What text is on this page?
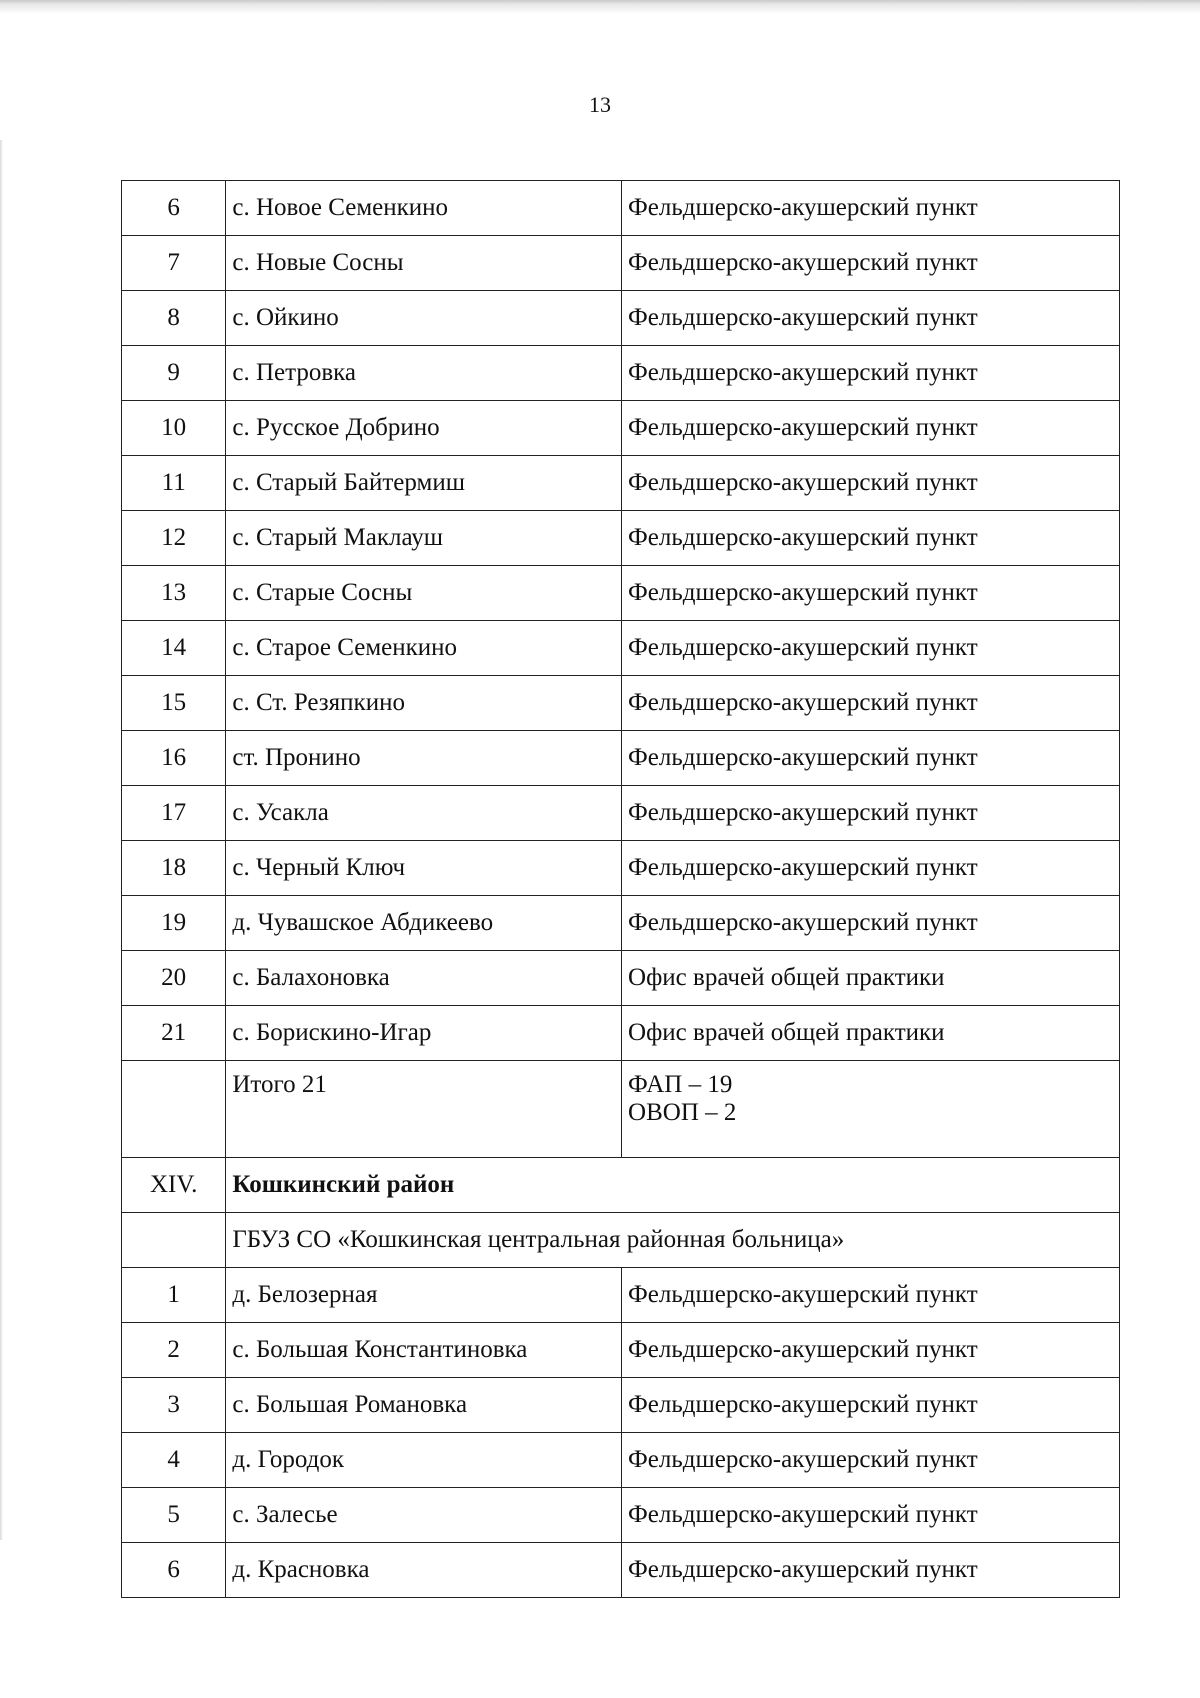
13
6	с. Новое Семенкино	Фельдшерско-акушерский пункт
7	с. Новые Сосны	Фельдшерско-акушерский пункт
8	с. Ойкино	Фельдшерско-акушерский пункт
9	с. Петровка	Фельдшерско-акушерский пункт
10	с. Русское Добрино	Фельдшерско-акушерский пункт
11	с. Старый Байтермиш	Фельдшерско-акушерский пункт
12	с. Старый Маклауш	Фельдшерско-акушерский пункт
13	с. Старые Сосны	Фельдшерско-акушерский пункт
14	с. Старое Семенкино	Фельдшерско-акушерский пункт
15	с. Ст. Резяпкино	Фельдшерско-акушерский пункт
16	ст. Пронино	Фельдшерско-акушерский пункт
17	с. Усакла	Фельдшерско-акушерский пункт
18	с. Черный Ключ	Фельдшерско-акушерский пункт
19	д. Чувашское Абдикеево	Фельдшерско-акушерский пункт
20	с. Балахоновка	Офис врачей общей практики
21	с. Борискино-Игар	Офис врачей общей практики
	Итого 21	ФАП – 19
ОВОП – 2

XIV.	Кошкинский район	
	ГБУЗ СО «Кошкинская центральная районная больница»	
1	д. Белозерная	Фельдшерско-акушерский пункт
2	с. Большая Константиновка	Фельдшерско-акушерский пункт
3	с. Большая Романовка	Фельдшерско-акушерский пункт
4	д. Городок	Фельдшерско-акушерский пункт
5	с. Залесье	Фельдшерско-акушерский пункт
6	д. Красновка	Фельдшерско-акушерский пункт
